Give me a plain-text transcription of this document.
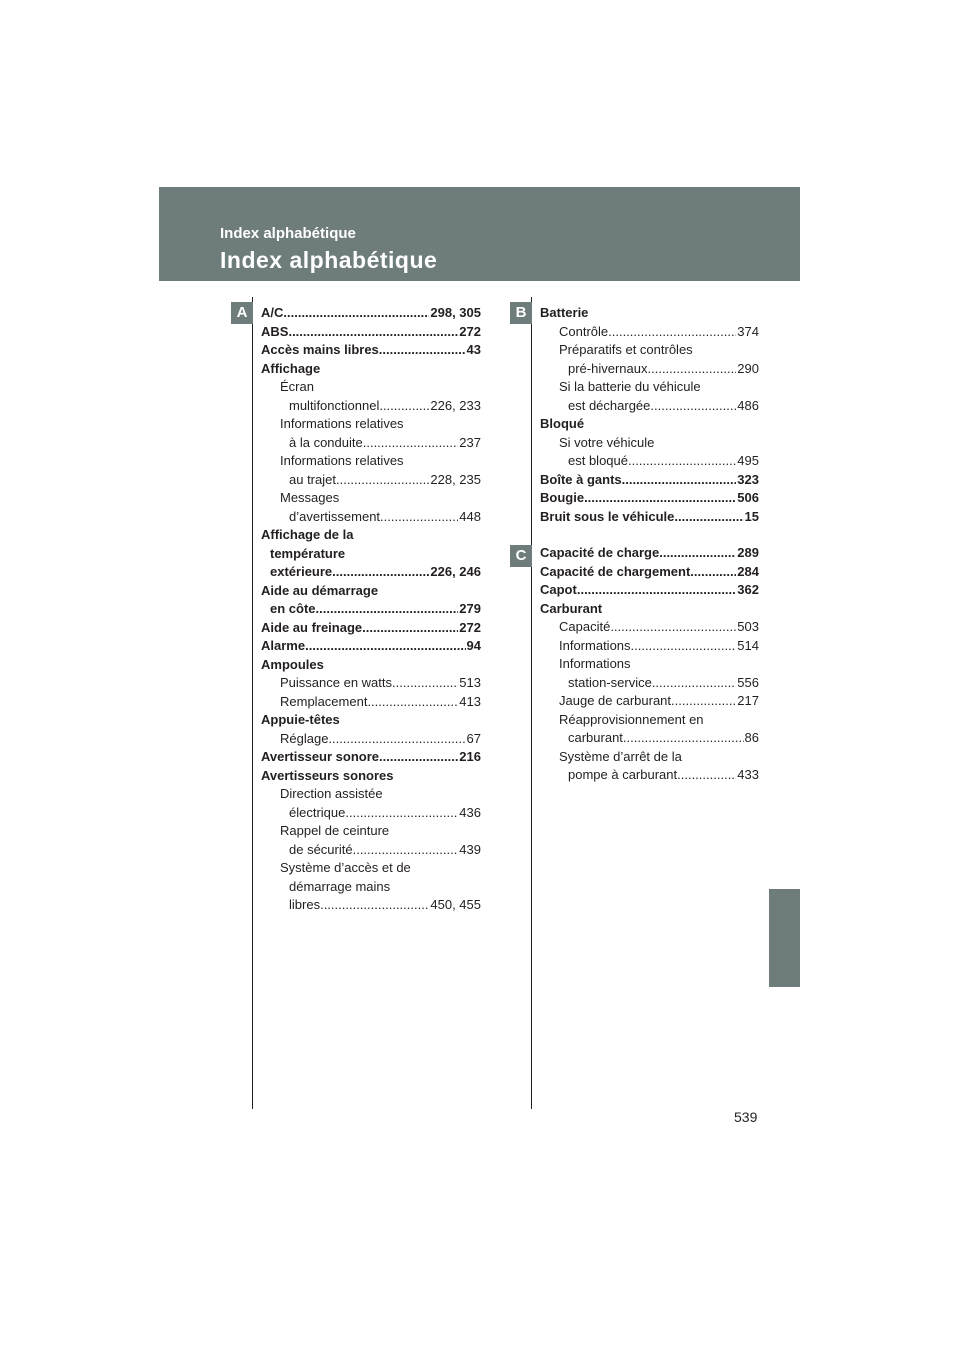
Index alphabétique
Index alphabétique
A	B
C
A/C .....	298, 305
ABS .....	272
Accès mains libres .....	43
Affichage
Écran
multifonctionnel .....	226, 233
Informations relatives
à la conduite .....	237
Informations relatives
au trajet .....	228, 235
Messages
d’avertissement .....	448
Affichage de la
température
extérieure .....	226, 246
Aide au démarrage
en côte .....	279
Aide au freinage .....	272
Alarme .....	94
Ampoules
Puissance en watts .....	513
Remplacement .....	413
Appuie-têtes
Réglage .....	67
Avertisseur sonore .....	216
Avertisseurs sonores
Direction assistée
électrique .....	436
Rappel de ceinture
de sécurité .....	439
Système d’accès et de
démarrage mains
libres .....	450, 455
Batterie
Contrôle .....	374
Préparatifs et contrôles
pré-hivernaux .....	290
Si la batterie du véhicule
est déchargée .....	486
Bloqué
Si votre véhicule
est bloqué .....	495
Boîte à gants .....	323
Bougie .....	506
Bruit sous le véhicule .....	15
Capacité de charge .....	289
Capacité de chargement .....	284
Capot .....	362
Carburant
Capacité .....	503
Informations .....	514
Informations
station-service .....	556
Jauge de carburant .....	217
Réapprovisionnement en
carburant .....	86
Système d’arrêt de la
pompe à carburant .....	433
539
